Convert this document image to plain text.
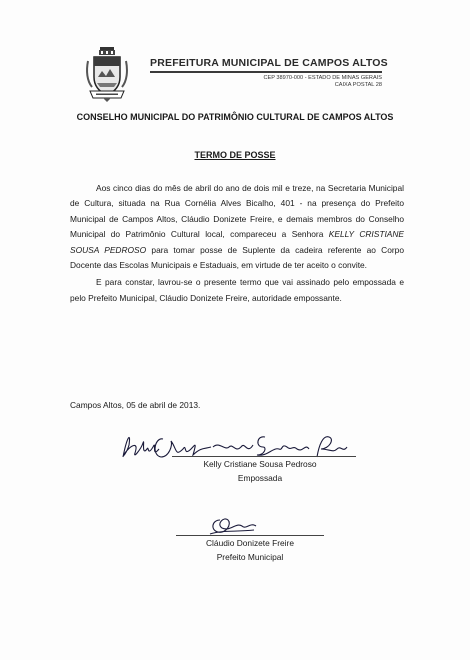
PREFEITURA MUNICIPAL DE CAMPOS ALTOS
CEP 38970-000 - ESTADO DE MINAS GERAIS
CAIXA POSTAL 28
CONSELHO MUNICIPAL DO PATRIMÔNIO CULTURAL DE CAMPOS ALTOS
TERMO DE POSSE

Aos cinco dias do mês de abril do ano de dois mil e treze, na Secretaria Municipal de Cultura, situada na Rua Cornélia Alves Bicalho, 401 - na presença do Prefeito Municipal de Campos Altos, Cláudio Donizete Freire, e demais membros do Conselho Municipal do Patrimônio Cultural local, compareceu a Senhora KELLY CRISTIANE SOUSA PEDROSO para tomar posse de Suplente da cadeira referente ao Corpo Docente das Escolas Municipais e Estaduais, em virtude de ter aceito o convite.

E para constar, lavrou-se o presente termo que vai assinado pelo empossada e pelo Prefeito Municipal, Cláudio Donizete Freire, autoridade empossante.

Campos Altos, 05 de abril de 2013.
Kelly Cristiane Sousa Pedroso
Empossada
Cláudio Donizete Freire
Prefeito Municipal
